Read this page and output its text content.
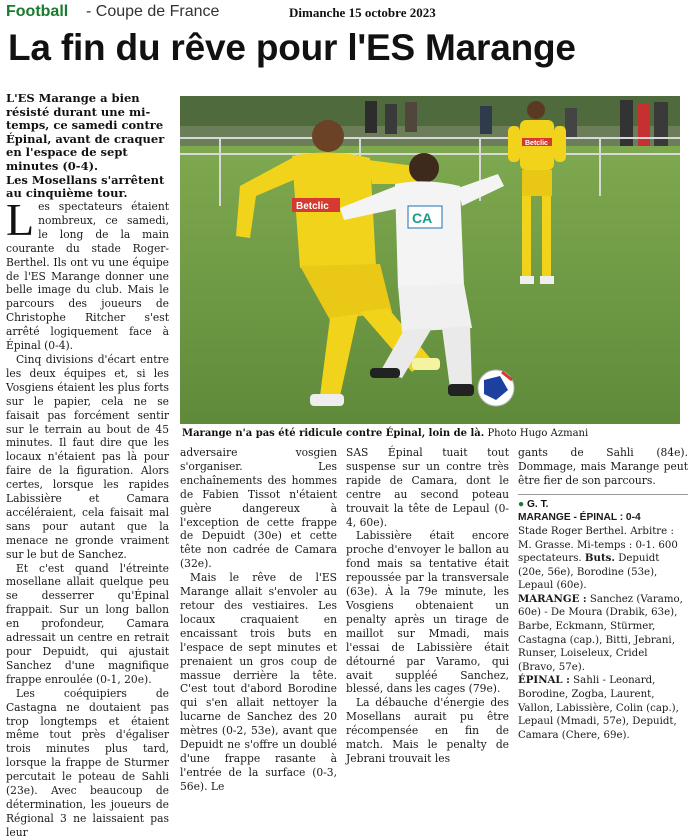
Football - Coupe de France	Dimanche 15 octobre 2023
La fin du rêve pour l'ES Marange

L'ES Marange a bien résisté durant une mi-temps, ce samedi contre Épinal, avant de craquer en l'espace de sept minutes (0-4).

Les Mosellans s'arrêtent au cinquième tour.

Betclic
Betclic
CA
Marange n'a pas été ridicule contre Épinal, loin de là. Photo Hugo Azmani

Les spectateurs étaient nombreux, ce samedi, le long de la main courante du stade Roger-Berthel. Ils ont vu une équipe de l'ES Marange donner une belle image du club. Mais le parcours des joueurs de Christophe Ritcher s'est arrêté logiquement face à Épinal (0-4).

Cinq divisions d'écart entre les deux équipes et, si les Vosgiens étaient les plus forts sur le papier, cela ne se faisait pas forcément sentir sur le terrain au bout de 45 minutes. Il faut dire que les locaux n'étaient pas là pour faire de la figuration. Alors certes, lorsque les rapides Labissière et Camara accéléraient, cela faisait mal sans pour autant que la menace ne gronde vraiment sur le but de Sanchez.

Et c'est quand l'étreinte mosellane allait quelque peu se desserrer qu'Épinal frappait. Sur un long ballon en profondeur, Camara adressait un centre en retrait pour Depuidt, qui ajustait Sanchez d'une magnifique frappe enroulée (0-1, 20e).

Les coéquipiers de Castagna ne doutaient pas trop longtemps et étaient même tout près d'égaliser trois minutes plus tard, lorsque la frappe de Sturmer percutait le poteau de Sahli (23e). Avec beaucoup de détermination, les joueurs de Régional 3 ne laissaient pas leur

adversaire vosgien s'organiser. Les enchaînements des hommes de Fabien Tissot n'étaient guère dangereux à l'exception de cette frappe de Depuidt (30e) et cette tête non cadrée de Camara (32e).

Mais le rêve de l'ES Marange allait s'envoler au retour des vestiaires. Les locaux craquaient en encaissant trois buts en l'espace de sept minutes et prenaient un gros coup de massue derrière la tête. C'est tout d'abord Borodine qui s'en allait nettoyer la lucarne de Sanchez des 20 mètres (0-2, 53e), avant que Depuidt ne s'offre un doublé d'une frappe rasante à l'entrée de la surface (0-3, 56e). Le

SAS Épinal tuait tout suspense sur un contre très rapide de Camara, dont le centre au second poteau trouvait la tête de Lepaul (0-4, 60e).

Labissière était encore proche d'envoyer le ballon au fond mais sa tentative était repoussée par la transversale (63e). À la 79e minute, les Vosgiens obtenaient un penalty après un tirage de maillot sur Mmadi, mais l'essai de Labissière était détourné par Varamo, qui avait suppléé Sanchez, blessé, dans les cages (79e).

La débauche d'énergie des Mosellans aurait pu être récompensée en fin de match. Mais le penalty de Jebrani trouvait les

gants de Sahli (84e). Dommage, mais Marange peut être fier de son parcours.

● G. T.

MARANGE - ÉPINAL : 0-4

Stade Roger Berthel. Arbitre : M. Grasse. Mi-temps : 0-1. 600 spectateurs. Buts. Depuidt (20e, 56e), Borodine (53e), Lepaul (60e).

MARANGE : Sanchez (Varamo, 60e) - De Moura (Drabik, 63e), Barbe, Eckmann, Stürmer, Castagna (cap.), Bitti, Jebrani, Runser, Loiseleux, Cridel (Bravo, 57e).

ÉPINAL : Sahli - Leonard, Borodine, Zogba, Laurent, Vallon, Labissière, Colin (cap.), Lepaul (Mmadi, 57e), Depuidt, Camara (Chere, 69e).
